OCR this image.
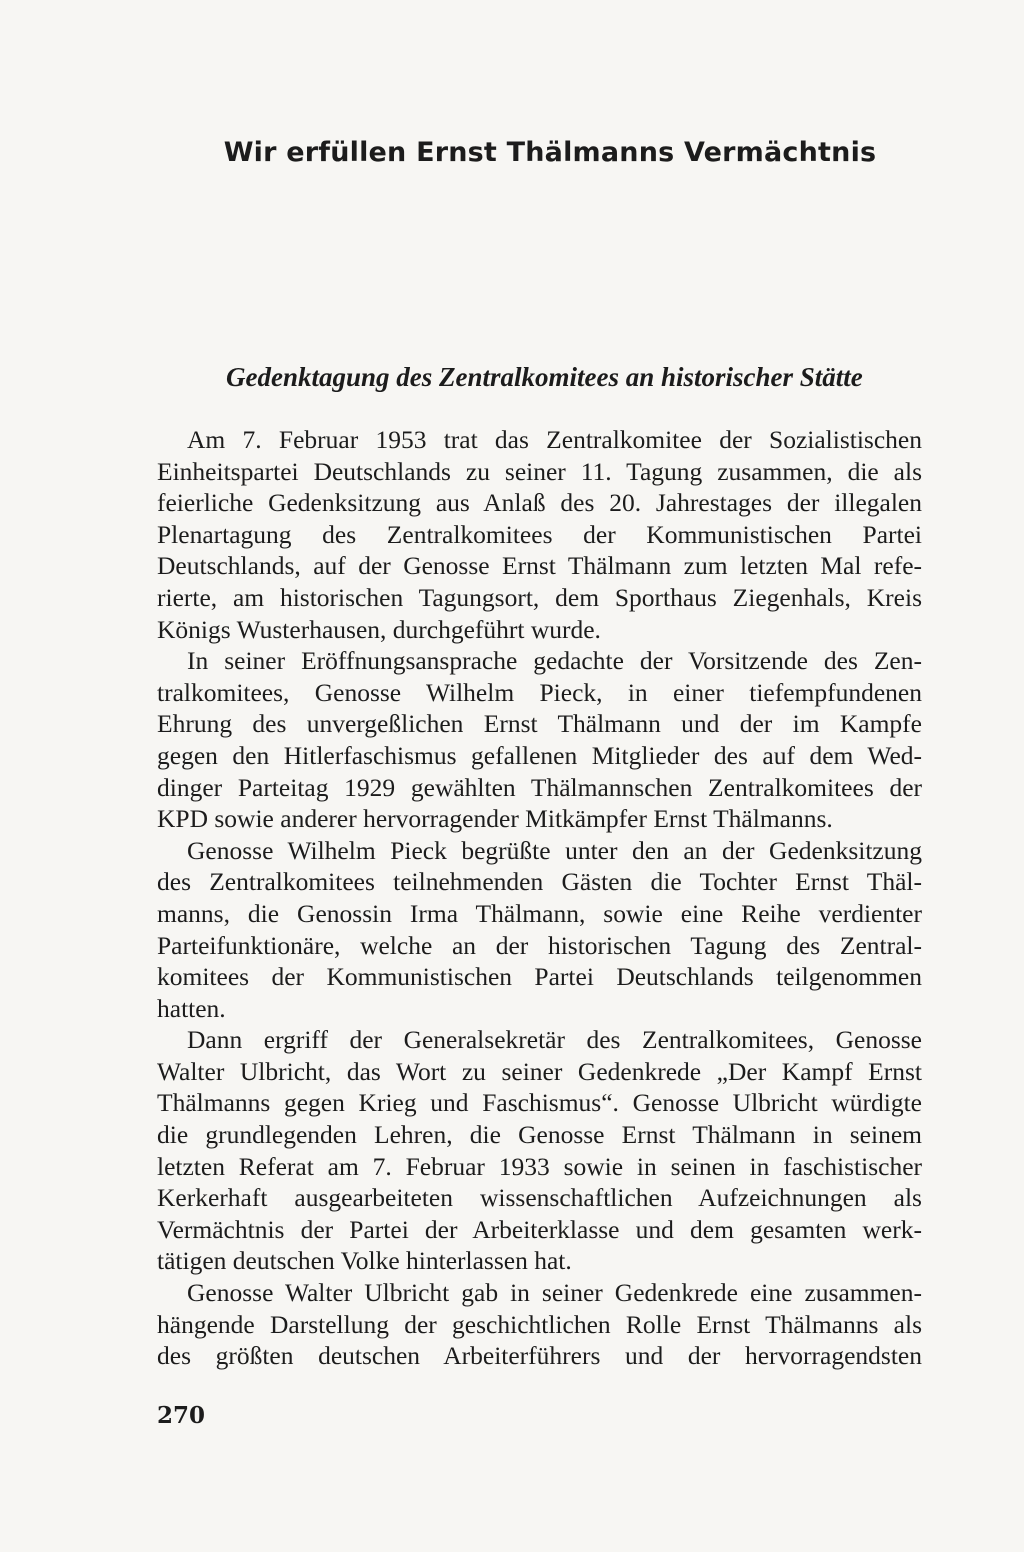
Wir erfüllen Ernst Thälmanns Vermächtnis
Gedenktagung des Zentralkomitees an historischer Stätte

Am 7. Februar 1953 trat das Zentralkomitee der Sozialistischen
Einheitspartei Deutschlands zu seiner 11. Tagung zusammen, die als
feierliche Gedenksitzung aus Anlaß des 20. Jahrestages der illegalen
Plenartagung des Zentralkomitees der Kommunistischen Partei
Deutschlands, auf der Genosse Ernst Thälmann zum letzten Mal refe-
rierte, am historischen Tagungsort, dem Sporthaus Ziegenhals, Kreis
Königs Wusterhausen, durchgeführt wurde.

In seiner Eröffnungsansprache gedachte der Vorsitzende des Zen-
tralkomitees, Genosse Wilhelm Pieck, in einer tiefempfundenen
Ehrung des unvergeßlichen Ernst Thälmann und der im Kampfe
gegen den Hitlerfaschismus gefallenen Mitglieder des auf dem Wed-
dinger Parteitag 1929 gewählten Thälmannschen Zentralkomitees der
KPD sowie anderer hervorragender Mitkämpfer Ernst Thälmanns.

Genosse Wilhelm Pieck begrüßte unter den an der Gedenksitzung
des Zentralkomitees teilnehmenden Gästen die Tochter Ernst Thäl-
manns, die Genossin Irma Thälmann, sowie eine Reihe verdienter
Parteifunktionäre, welche an der historischen Tagung des Zentral-
komitees der Kommunistischen Partei Deutschlands teilgenommen
hatten.

Dann ergriff der Generalsekretär des Zentralkomitees, Genosse
Walter Ulbricht, das Wort zu seiner Gedenkrede „Der Kampf Ernst
Thälmanns gegen Krieg und Faschismus“. Genosse Ulbricht würdigte
die grundlegenden Lehren, die Genosse Ernst Thälmann in seinem
letzten Referat am 7. Februar 1933 sowie in seinen in faschistischer
Kerkerhaft ausgearbeiteten wissenschaftlichen Aufzeichnungen als
Vermächtnis der Partei der Arbeiterklasse und dem gesamten werk-
tätigen deutschen Volke hinterlassen hat.

Genosse Walter Ulbricht gab in seiner Gedenkrede eine zusammen-
hängende Darstellung der geschichtlichen Rolle Ernst Thälmanns als
des größten deutschen Arbeiterführers und der hervorragendsten

270
